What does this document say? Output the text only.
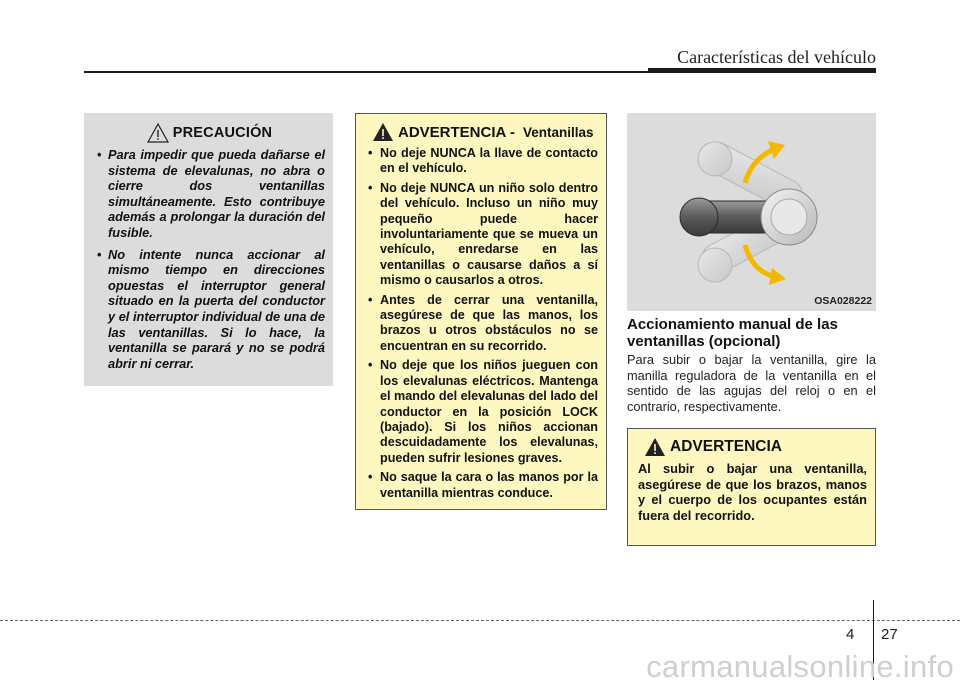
Características del vehículo
PRECAUCIÓN
• Para impedir que pueda dañarse el sistema de elevalunas, no abra o cierre dos ventanillas simultáneamente. Esto contribuye además a prolongar la duración del fusible.
• No intente nunca accionar al mismo tiempo en direcciones opuestas el interruptor general situado en la puerta del conductor y el interruptor individual de una de las ventanillas. Si lo hace, la ventanilla se parará y no se podrá abrir ni cerrar.
ADVERTENCIA - Ventanillas
• No deje NUNCA la llave de contacto en el vehículo.
• No deje NUNCA un niño solo dentro del vehículo. Incluso un niño muy pequeño puede hacer involuntariamente que se mueva un vehículo, enredarse en las ventanillas o causarse daños a sí mismo o causarlos a otros.
• Antes de cerrar una ventanilla, asegúrese de que las manos, los brazos u otros obstáculos no se encuentran en su recorrido.
• No deje que los niños jueguen con los elevalunas eléctricos. Mantenga el mando del elevalunas del lado del conductor en la posición LOCK (bajado). Si los niños accionan descuidadamente los elevalunas, pueden sufrir lesiones graves.
• No saque la cara o las manos por la ventanilla mientras conduce.
OSA028222
Accionamiento manual de las ventanillas (opcional)
Para subir o bajar la ventanilla, gire la manilla reguladora de la ventanilla en el sentido de las agujas del reloj o en el contrario, respectivamente.
ADVERTENCIA
Al subir o bajar una ventanilla, asegúrese de que los brazos, manos y el cuerpo de los ocupantes están fuera del recorrido.
4 27
carmanualsonline.info
